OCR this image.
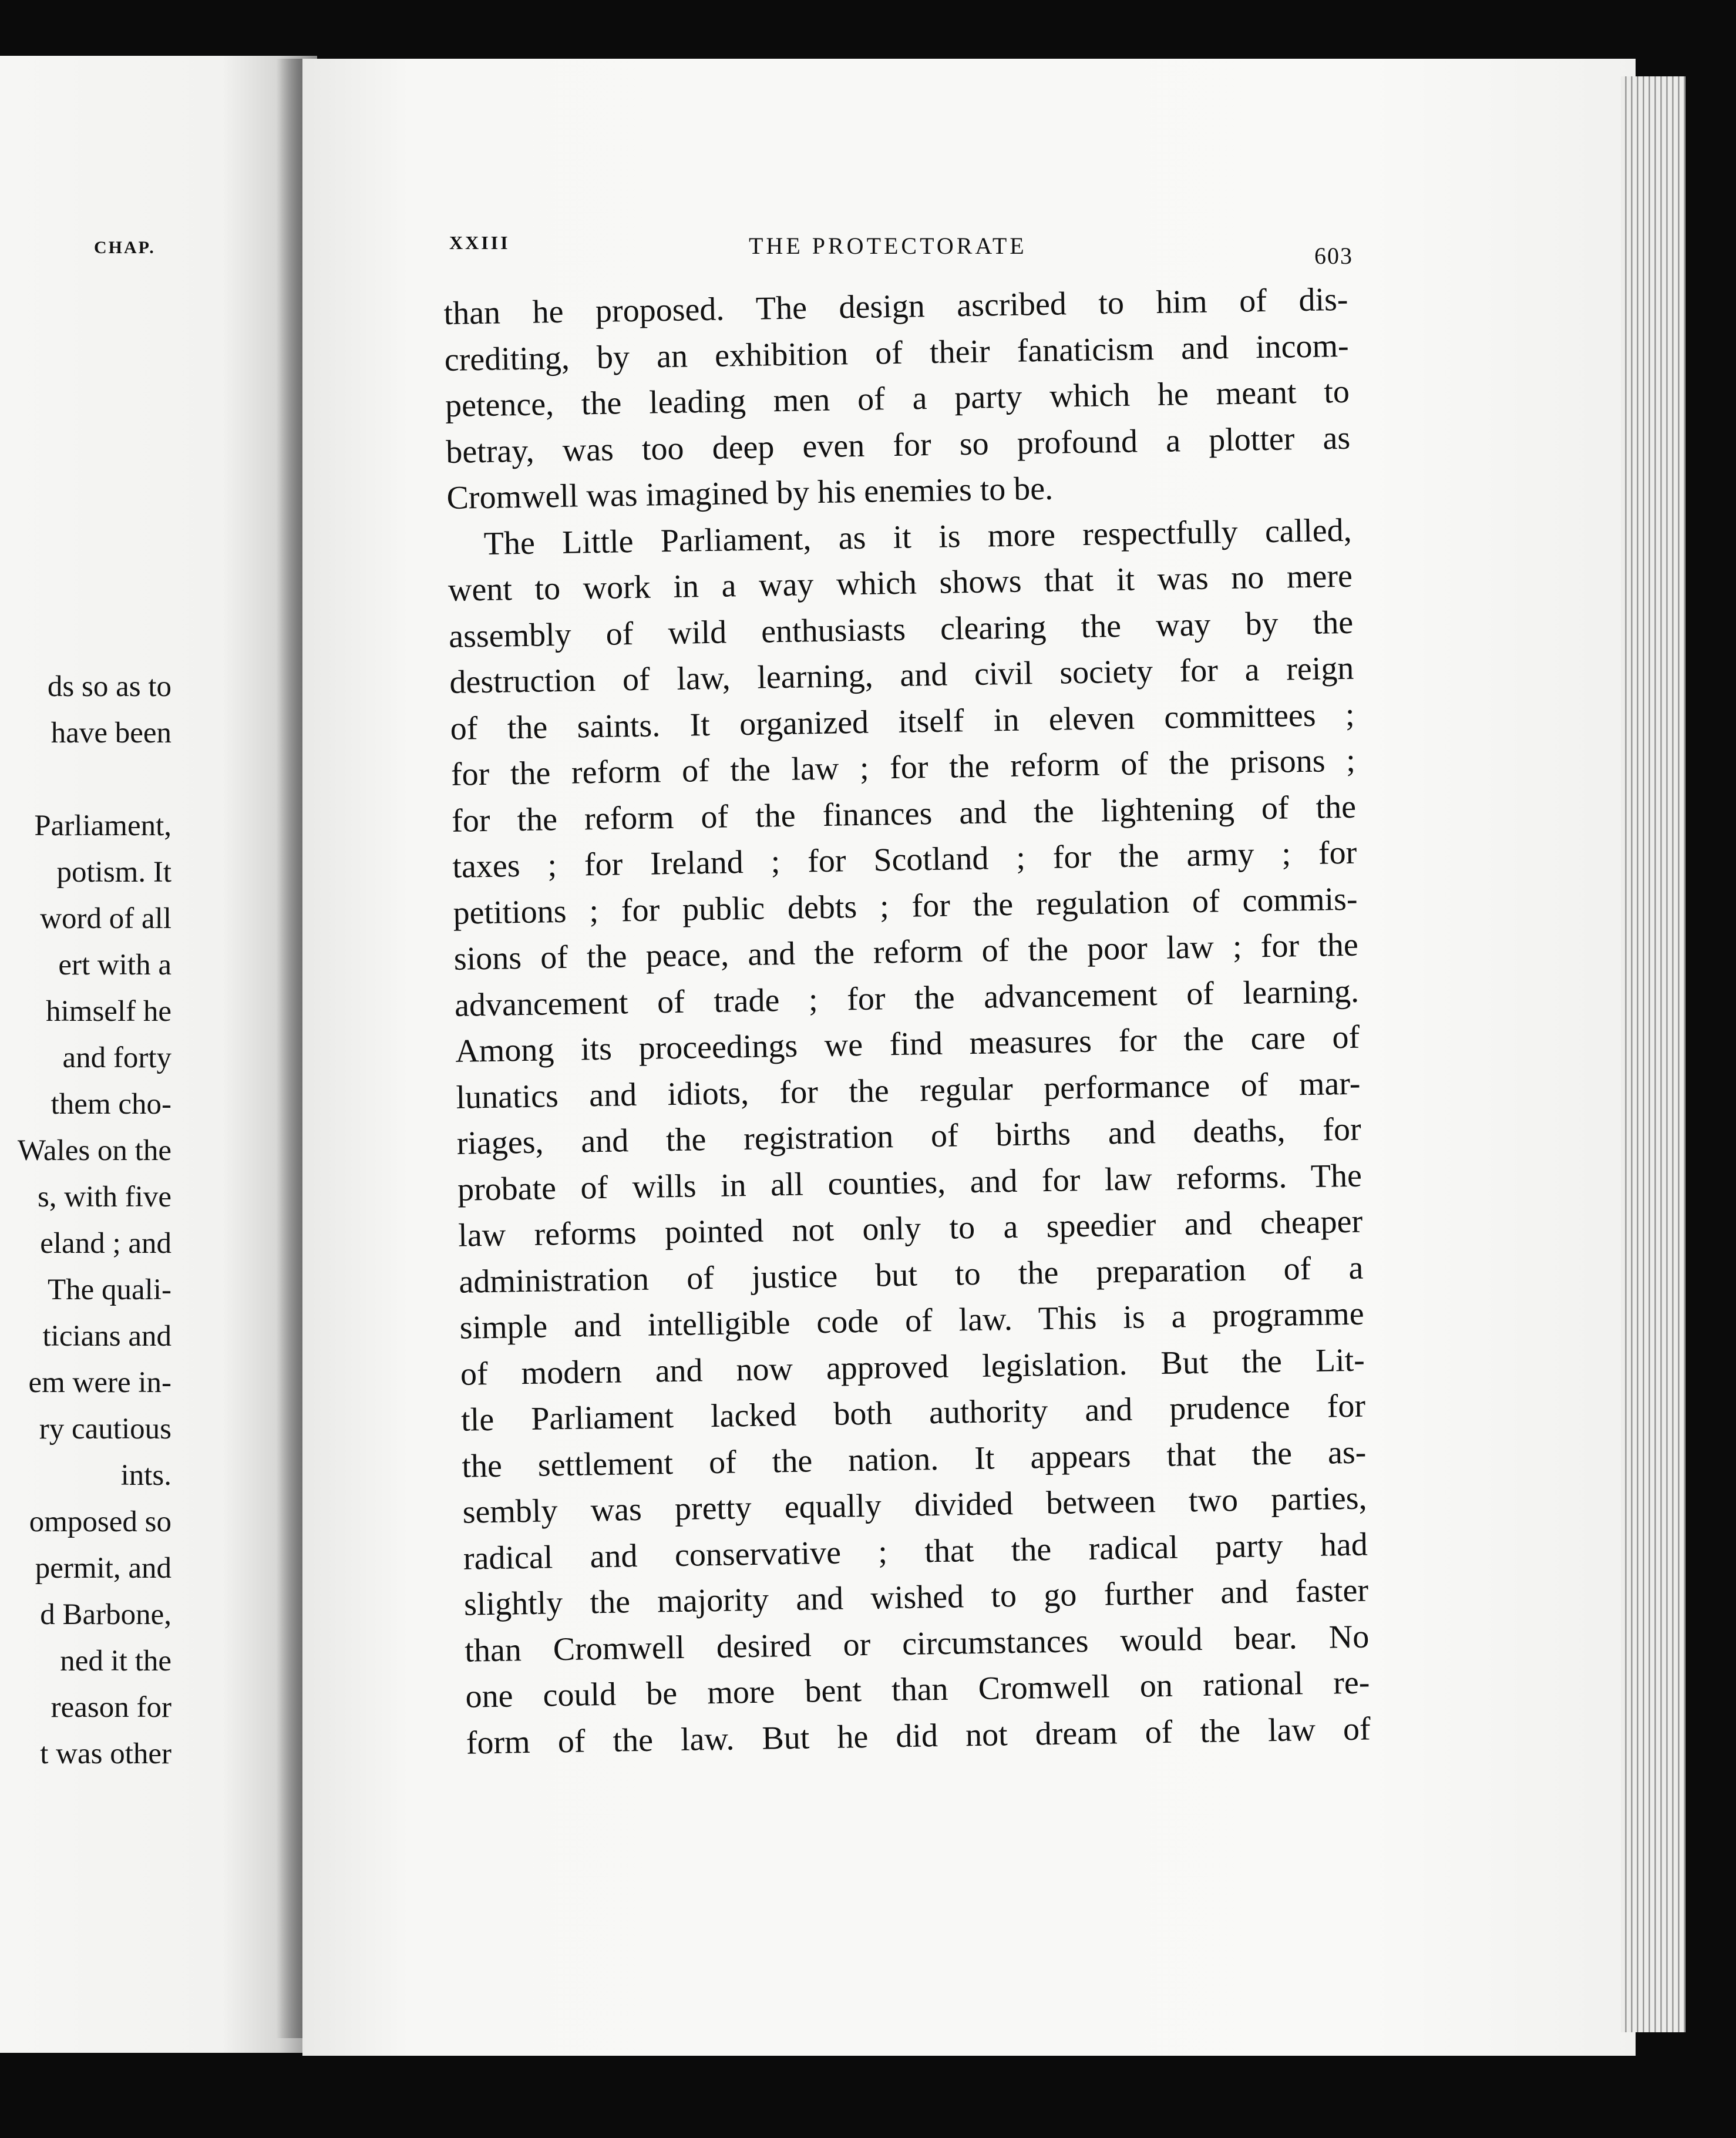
CHAP.
ds so as to
have been
Parliament,
potism. It
word of all
ert with a
himself he
and forty
them cho-
Wales on the
s, with five
eland ; and
The quali-
ticians and
em were in-
ry cautious
ints.
omposed so
permit, and
d Barbone,
ned it the
reason for
t was other
XXIII	THE PROTECTORATE	603
than he proposed. The design ascribed to him of dis-
crediting, by an exhibition of their fanaticism and incom-
petence, the leading men of a party which he meant to
betray, was too deep even for so profound a plotter as
Cromwell was imagined by his enemies to be.
The Little Parliament, as it is more respectfully called,
went to work in a way which shows that it was no mere
assembly of wild enthusiasts clearing the way by the
destruction of law, learning, and civil society for a reign
of the saints. It organized itself in eleven committees ;
for the reform of the law ; for the reform of the prisons ;
for the reform of the finances and the lightening of the
taxes ; for Ireland ; for Scotland ; for the army ; for
petitions ; for public debts ; for the regulation of commis-
sions of the peace, and the reform of the poor law ; for the
advancement of trade ; for the advancement of learning.
Among its proceedings we find measures for the care of
lunatics and idiots, for the regular performance of mar-
riages, and the registration of births and deaths, for
probate of wills in all counties, and for law reforms. The
law reforms pointed not only to a speedier and cheaper
administration of justice but to the preparation of a
simple and intelligible code of law. This is a programme
of modern and now approved legislation. But the Lit-
tle Parliament lacked both authority and prudence for
the settlement of the nation. It appears that the as-
sembly was pretty equally divided between two parties,
radical and conservative ; that the radical party had
slightly the majority and wished to go further and faster
than Cromwell desired or circumstances would bear. No
one could be more bent than Cromwell on rational re-
form of the law. But he did not dream of the law of
